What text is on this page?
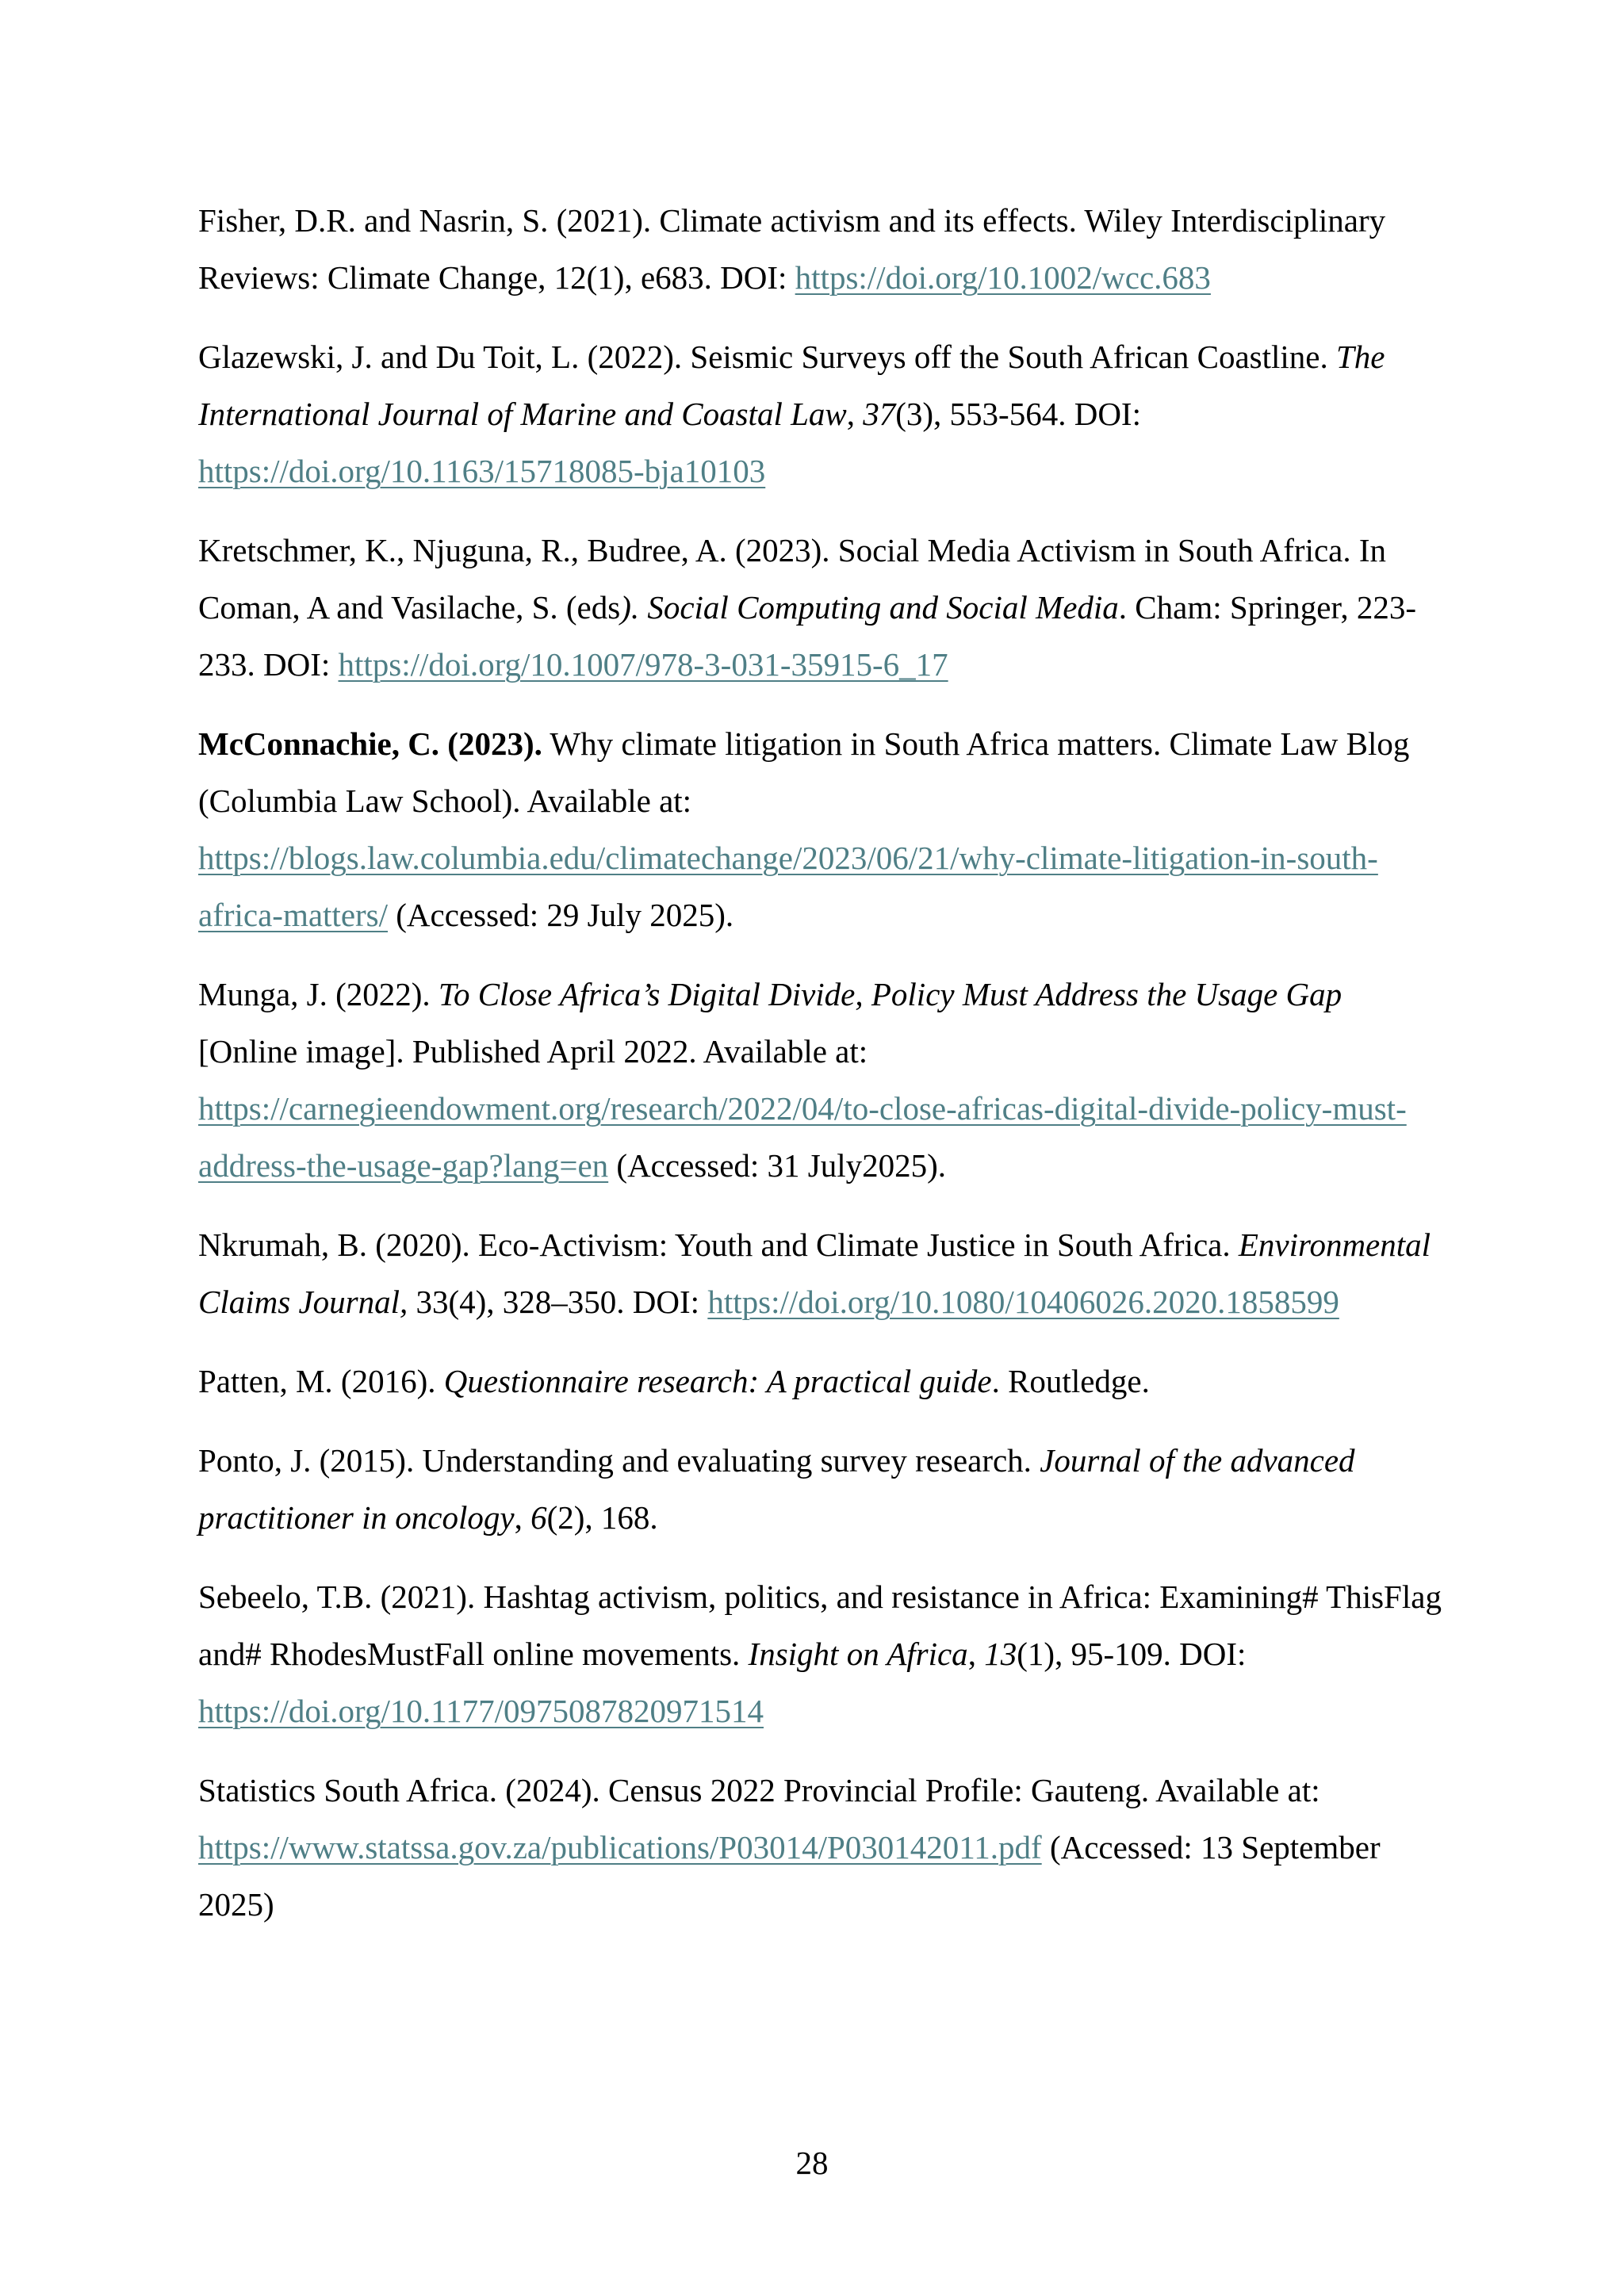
Fisher, D.R. and Nasrin, S. (2021). Climate activism and its effects. Wiley Interdisciplinary Reviews: Climate Change, 12(1), e683. DOI: https://doi.org/10.1002/wcc.683

Glazewski, J. and Du Toit, L. (2022). Seismic Surveys off the South African Coastline. The International Journal of Marine and Coastal Law, 37(3), 553-564. DOI: https://doi.org/10.1163/15718085-bja10103

Kretschmer, K., Njuguna, R., Budree, A. (2023). Social Media Activism in South Africa. In Coman, A and Vasilache, S. (eds). Social Computing and Social Media. Cham: Springer, 223-233. DOI: https://doi.org/10.1007/978-3-031-35915-6_17

McConnachie, C. (2023). Why climate litigation in South Africa matters. Climate Law Blog (Columbia Law School). Available at: https://blogs.law.columbia.edu/climatechange/2023/06/21/why-climate-litigation-in-south-africa-matters/ (Accessed: 29 July 2025).

Munga, J. (2022). To Close Africa’s Digital Divide, Policy Must Address the Usage Gap [Online image]. Published April 2022. Available at: https://carnegieendowment.org/research/2022/04/to-close-africas-digital-divide-policy-must-address-the-usage-gap?lang=en (Accessed: 31 July2025).

Nkrumah, B. (2020). Eco-Activism: Youth and Climate Justice in South Africa. Environmental Claims Journal, 33(4), 328–350. DOI: https://doi.org/10.1080/10406026.2020.1858599

Patten, M. (2016). Questionnaire research: A practical guide. Routledge.

Ponto, J. (2015). Understanding and evaluating survey research. Journal of the advanced practitioner in oncology, 6(2), 168.

Sebeelo, T.B. (2021). Hashtag activism, politics, and resistance in Africa: Examining# ThisFlag and# RhodesMustFall online movements. Insight on Africa, 13(1), 95-109. DOI: https://doi.org/10.1177/0975087820971514

Statistics South Africa. (2024). Census 2022 Provincial Profile: Gauteng. Available at: https://www.statssa.gov.za/publications/P03014/P030142011.pdf (Accessed: 13 September 2025)

28
